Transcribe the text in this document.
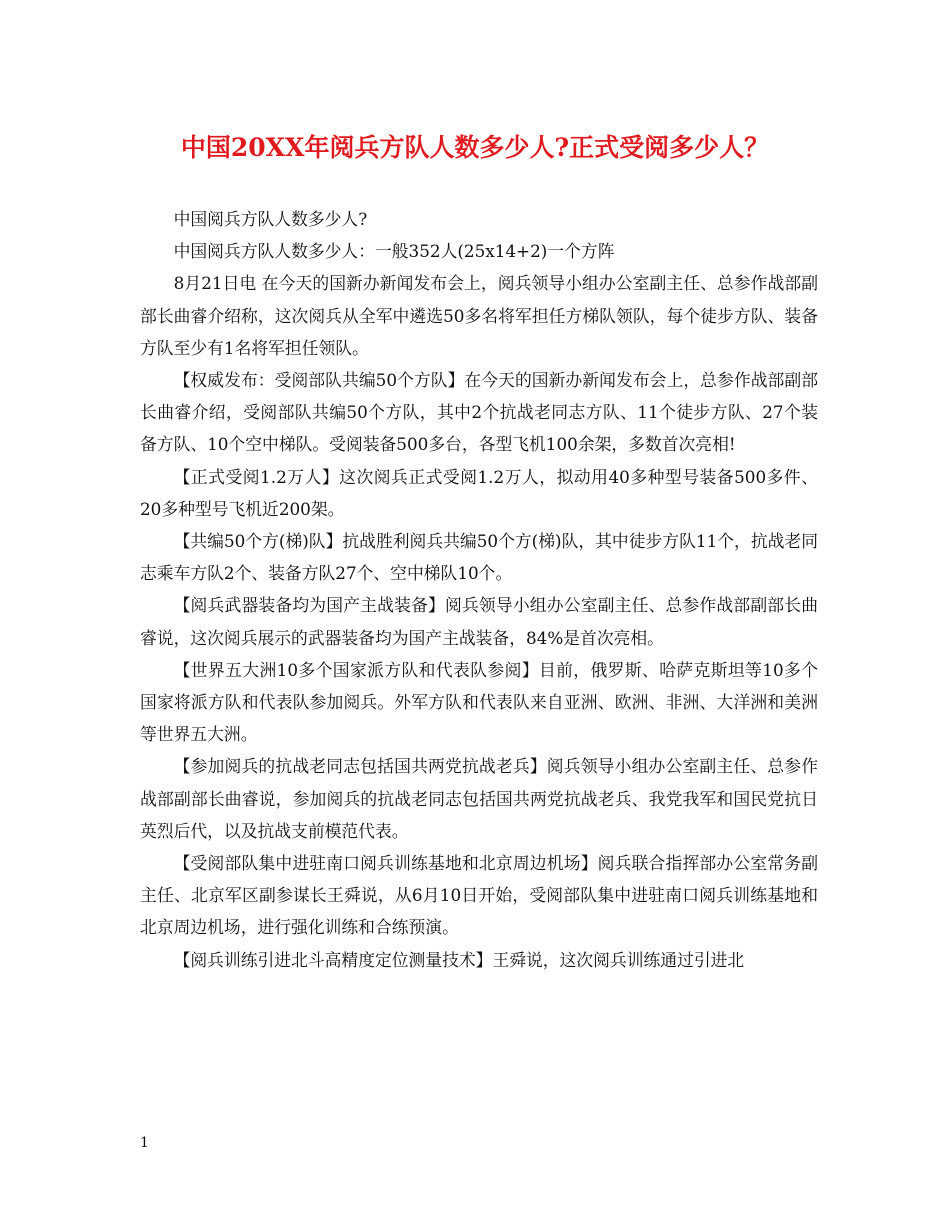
中国20XX年阅兵方队人数多少人?正式受阅多少人？

中国阅兵方队人数多少人?

中国阅兵方队人数多少人：一般352人(25x14+2)一个方阵

8月21日电 在今天的国新办新闻发布会上，阅兵领导小组办公室副主任、总参作战部副部长曲睿介绍称，这次阅兵从全军中遴选50多名将军担任方梯队领队，每个徒步方队、装备方队至少有1名将军担任领队。

【权威发布：受阅部队共编50个方队】在今天的国新办新闻发布会上，总参作战部副部长曲睿介绍，受阅部队共编50个方队，其中2个抗战老同志方队、11个徒步方队、27个装备方队、10个空中梯队。受阅装备500多台，各型飞机100余架，多数首次亮相!

【正式受阅1.2万人】这次阅兵正式受阅1.2万人，拟动用40多种型号装备500多件、20多种型号飞机近200架。

【共编50个方(梯)队】抗战胜利阅兵共编50个方(梯)队，其中徒步方队11个，抗战老同志乘车方队2个、装备方队27个、空中梯队10个。

【阅兵武器装备均为国产主战装备】阅兵领导小组办公室副主任、总参作战部副部长曲睿说，这次阅兵展示的武器装备均为国产主战装备，84%是首次亮相。

【世界五大洲10多个国家派方队和代表队参阅】目前，俄罗斯、哈萨克斯坦等10多个国家将派方队和代表队参加阅兵。外军方队和代表队来自亚洲、欧洲、非洲、大洋洲和美洲等世界五大洲。

【参加阅兵的抗战老同志包括国共两党抗战老兵】阅兵领导小组办公室副主任、总参作战部副部长曲睿说，参加阅兵的抗战老同志包括国共两党抗战老兵、我党我军和国民党抗日英烈后代，以及抗战支前模范代表。

【受阅部队集中进驻南口阅兵训练基地和北京周边机场】阅兵联合指挥部办公室常务副主任、北京军区副参谋长王舜说，从6月10日开始，受阅部队集中进驻南口阅兵训练基地和北京周边机场，进行强化训练和合练预演。

【阅兵训练引进北斗高精度定位测量技术】王舜说，这次阅兵训练通过引进北

1
